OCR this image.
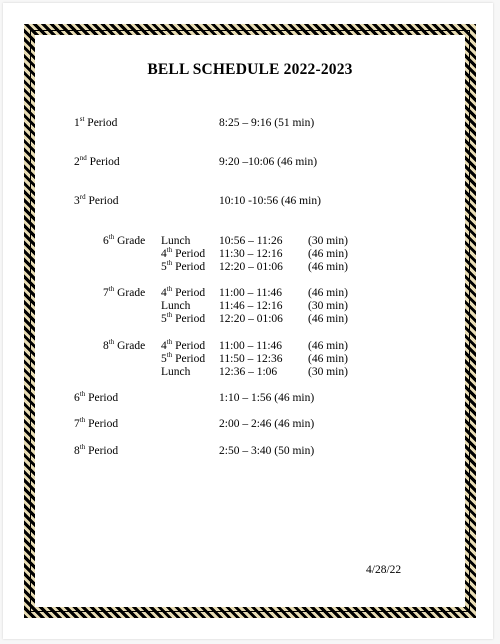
BELL SCHEDULE 2022-2023
1st Period	8:25 – 9:16 (51 min)
2nd Period	9:20 –10:06 (46 min)
3rd Period	10:10 -10:56 (46 min)
6th Grade Lunch 10:56 – 11:26 (30 min)
4th Period 11:30 – 12:16 (46 min)
5th Period 12:20 – 01:06 (46 min)
7th Grade 4th Period 11:00 – 11:46 (46 min)
Lunch 11:46 – 12:16 (30 min)
5th Period 12:20 – 01:06 (46 min)
8th Grade 4th Period 11:00 – 11:46 (46 min)
5th Period 11:50 – 12:36 (46 min)
Lunch 12:36 – 1:06	(30 min)
6th Period	1:10 – 1:56 (46 min)
7th Period	2:00 – 2:46 (46 min)
8th Period	2:50 – 3:40 (50 min)
4/28/22
